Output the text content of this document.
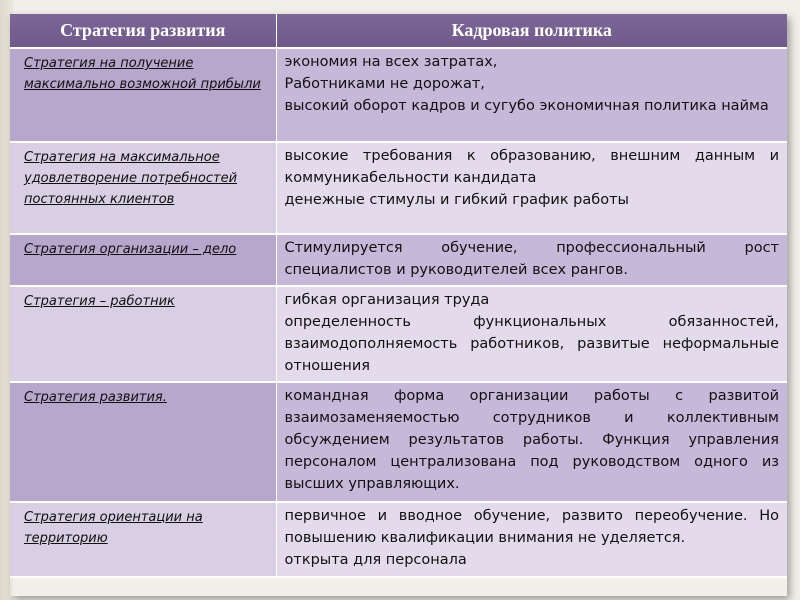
Стратегия развития	Кадровая политика
Стратегия на получение максимально возможной прибыли	экономия на всех затратах,
Работниками не дорожат,
высокий оборот кадров и сугубо экономичная политика найма

Стратегия на максимальное удовлетворение потребностей постоянных клиентов	высокие требования к образованию, внешним данным и коммуникабельности кандидата
денежные стимулы и гибкий график работы

Стратегия организации – дело	Стимулируется обучение, профессиональный рост специалистов и руководителей всех рангов.

Стратегия – работник	гибкая организация труда
определенность функциональных обязанностей, взаимодополняемость работников, развитые неформальные отношения

Стратегия развития.	командная форма организации работы с развитой взаимозаменяемостью сотрудников и коллективным обсуждением результатов работы. Функция управления персоналом централизована под руководством одного из высших управляющих.

Стратегия ориентации на территорию	первичное и вводное обучение, развито переобучение. Но повышению квалификации внимания не уделяется.
открыта для персонала
